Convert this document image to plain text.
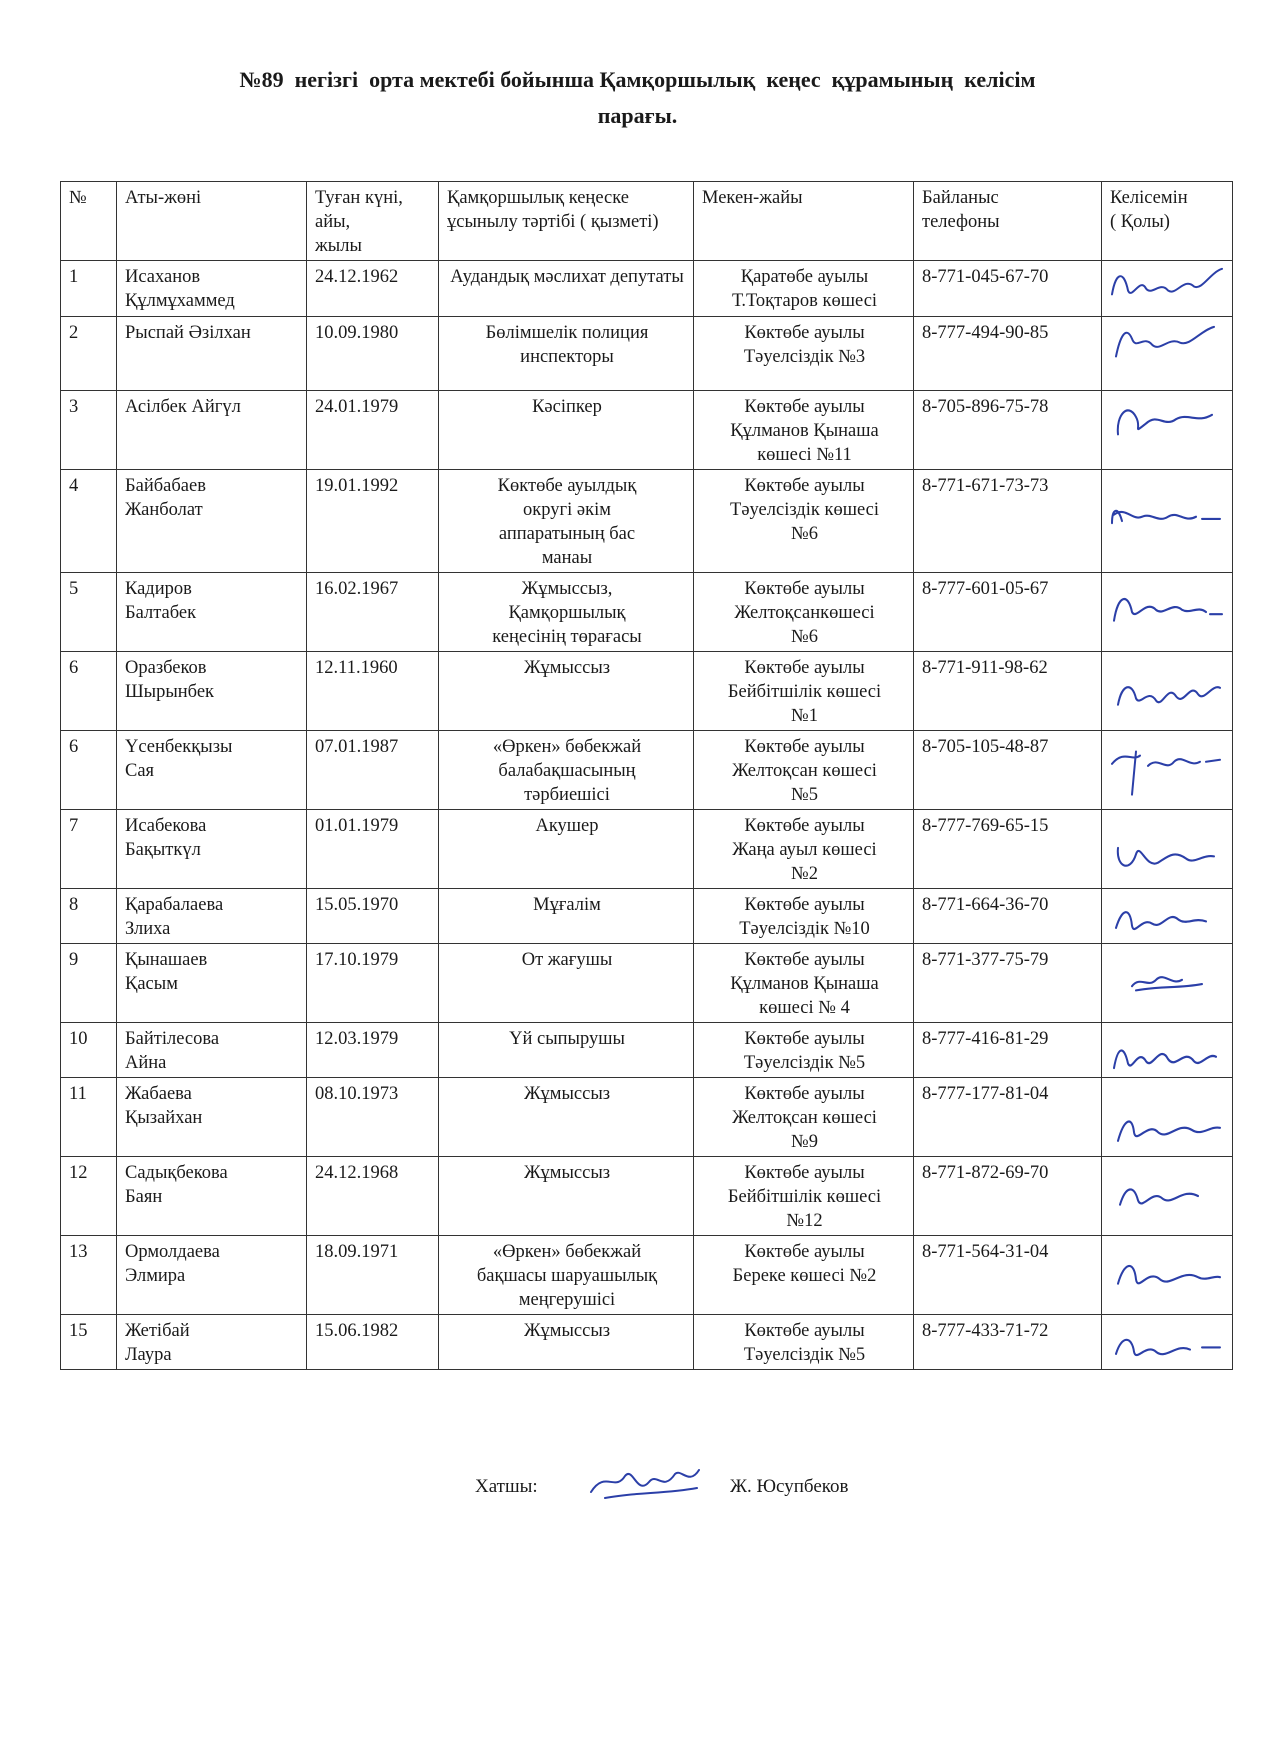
№89  негізгі  орта мектебі бойынша Қамқоршылық  кеңес  құрамының  келісім
парағы.
№	Аты-жөні	Туған күні,
айы,
жылы	Қамқоршылық кеңеске ұсынылу тәртібі ( қызметі)	Мекен-жайы	Байланыс
телефоны	Келісемін
( Қолы)
1	Исаханов
Құлмұхаммед	24.12.1962	Аудандық мәслихат депутаты	Қаратөбе ауылы
Т.Тоқтаров көшесі	8-771-045-67-70	

2	Рыспай Әзілхан	10.09.1980	Бөлімшелік полиция инспекторы	Көктөбе ауылы
Тәуелсіздік №3	8-777-494-90-85	

3	Асілбек Айгүл	24.01.1979	Кәсіпкер	Көктөбе ауылы
Құлманов Қынаша
көшесі №11	8-705-896-75-78	

4	Байбабаев
Жанболат	19.01.1992	Көктөбе ауылдық
округі әкім
аппаратының бас
манаы	Көктөбе ауылы
Тәуелсіздік көшесі
№6	8-771-671-73-73	

5	Кадиров
Балтабек	16.02.1967	Жұмыссыз,
Қамқоршылық
кеңесінің төрағасы	Көктөбе ауылы
Желтоқсанкөшесі
№6	8-777-601-05-67	

6	Оразбеков
Шырынбек	12.11.1960	Жұмыссыз	Көктөбе ауылы
Бейбітшілік көшесі
№1	8-771-911-98-62	

6	Үсенбекқызы
Сая	07.01.1987	«Өркен» бөбекжай
балабақшасының
тәрбиешісі	Көктөбе ауылы
Желтоқсан көшесі
№5	8-705-105-48-87	

7	Исабекова
Бақыткүл	01.01.1979	Акушер	Көктөбе ауылы
Жаңа ауыл көшесі
№2	8-777-769-65-15	

8	Қарабалаева
Злиха	15.05.1970	Мұғалім	Көктөбе ауылы
Тәуелсіздік №10	8-771-664-36-70	

9	Қынашаев
Қасым	17.10.1979	От жағушы	Көктөбе ауылы
Құлманов Қынаша
көшесі № 4	8-771-377-75-79	

10	Байтілесова
Айна	12.03.1979	Үй сыпырушы	Көктөбе ауылы
Тәуелсіздік №5	8-777-416-81-29	

11	Жабаева
Қызайхан	08.10.1973	Жұмыссыз	Көктөбе ауылы
Желтоқсан көшесі
№9	8-777-177-81-04	

12	Садықбекова
Баян	24.12.1968	Жұмыссыз	Көктөбе ауылы
Бейбітшілік көшесі
№12	8-771-872-69-70	

13	Ормолдаева
Элмира	18.09.1971	«Өркен» бөбекжай
бақшасы шаруашылық
меңгерушісі	Көктөбе ауылы
Береке көшесі №2	8-771-564-31-04	

15	Жетібай
Лаура	15.06.1982	Жұмыссыз	Көктөбе ауылы
Тәуелсіздік №5	8-777-433-71-72	
Хатшы:	Ж. Юсупбеков
